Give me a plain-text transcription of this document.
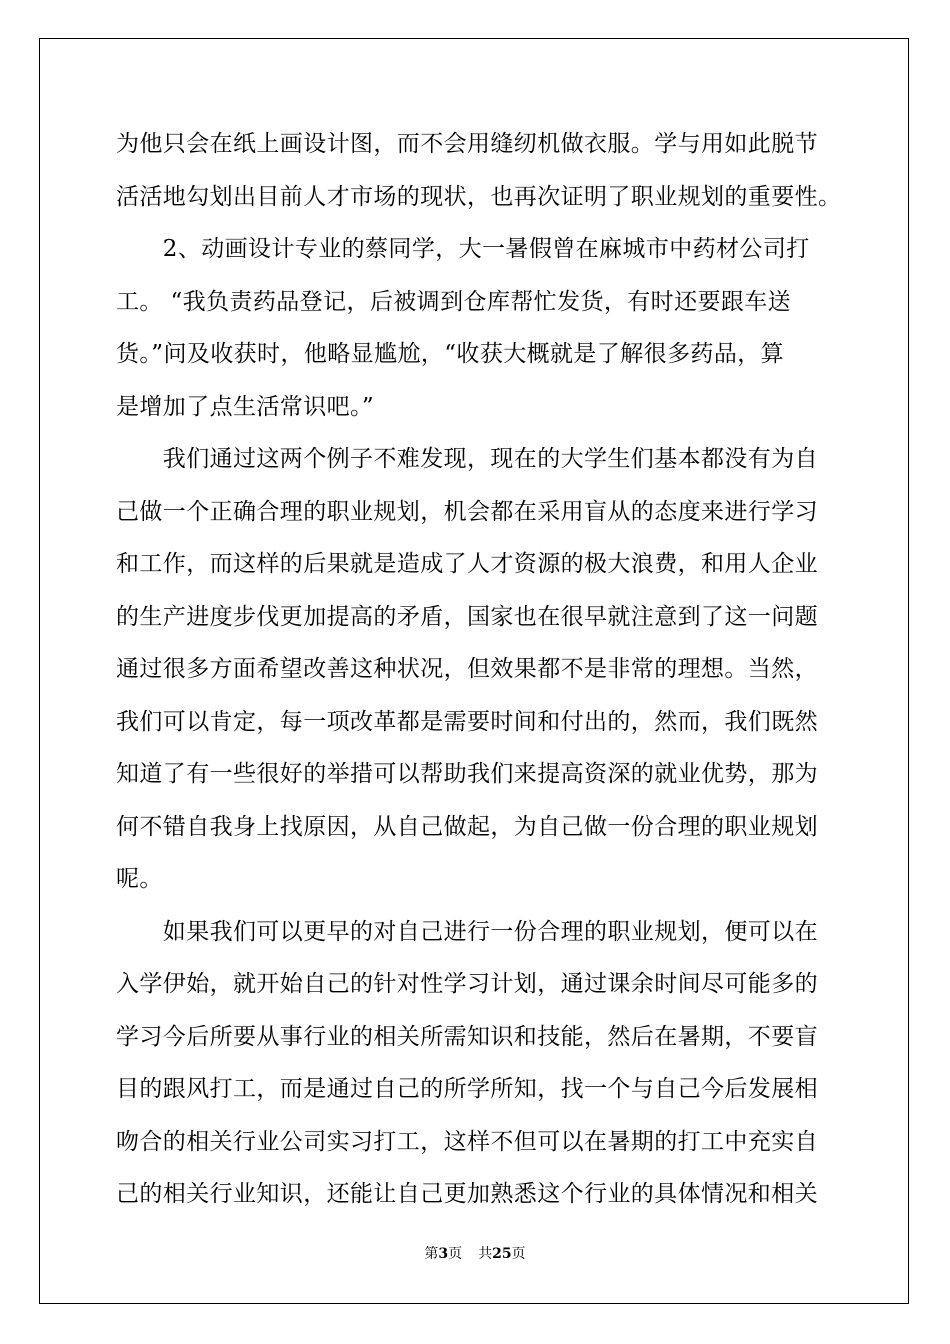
为他只会在纸上画设计图，而不会用缝纫机做衣服。学与用如此脱节
活活地勾划出目前人才市场的现状，也再次证明了职业规划的重要性。
　　2、动画设计专业的蔡同学，大一暑假曾在麻城市中药材公司打
工。 “我负责药品登记，后被调到仓库帮忙发货，有时还要跟车送
货。”问及收获时，他略显尴尬，“收获大概就是了解很多药品，算
是增加了点生活常识吧。”
　　我们通过这两个例子不难发现，现在的大学生们基本都没有为自
己做一个正确合理的职业规划，机会都在采用盲从的态度来进行学习
和工作，而这样的后果就是造成了人才资源的极大浪费，和用人企业
的生产进度步伐更加提高的矛盾，国家也在很早就注意到了这一问题
通过很多方面希望改善这种状况，但效果都不是非常的理想。当然，
我们可以肯定，每一项改革都是需要时间和付出的，然而，我们既然
知道了有一些很好的举措可以帮助我们来提高资深的就业优势，那为
何不错自我身上找原因，从自己做起，为自己做一份合理的职业规划
呢。
　　如果我们可以更早的对自己进行一份合理的职业规划，便可以在
入学伊始，就开始自己的针对性学习计划，通过课余时间尽可能多的
学习今后所要从事行业的相关所需知识和技能，然后在暑期，不要盲
目的跟风打工，而是通过自己的所学所知，找一个与自己今后发展相
吻合的相关行业公司实习打工，这样不但可以在暑期的打工中充实自
己的相关行业知识，还能让自己更加熟悉这个行业的具体情况和相关
第3页 共25页
